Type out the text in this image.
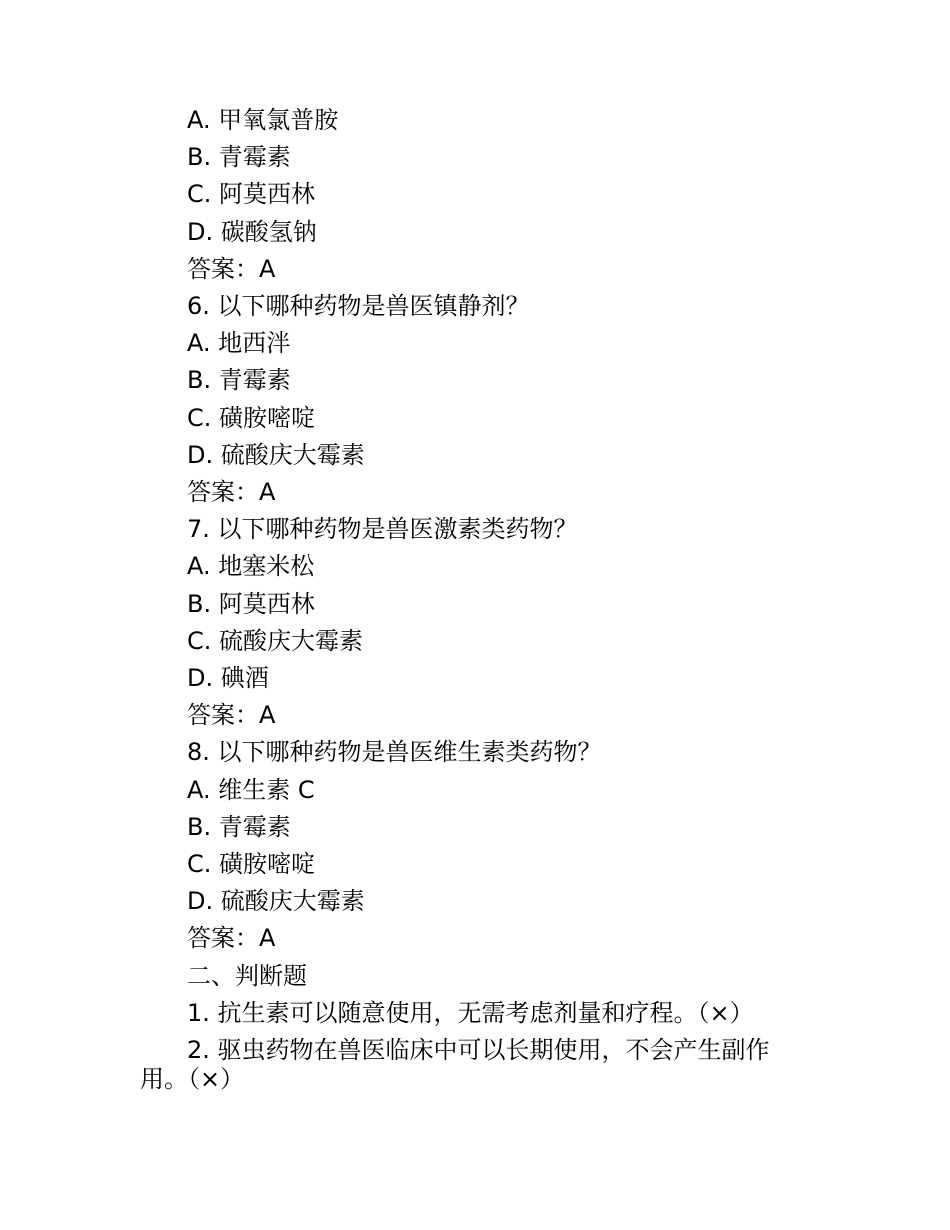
A. 甲氧氯普胺
B. 青霉素
C. 阿莫西林
D. 碳酸氢钠
答案：A
6. 以下哪种药物是兽医镇静剂？
A. 地西泮
B. 青霉素
C. 磺胺嘧啶
D. 硫酸庆大霉素
答案：A
7. 以下哪种药物是兽医激素类药物？
A. 地塞米松
B. 阿莫西林
C. 硫酸庆大霉素
D. 碘酒
答案：A
8. 以下哪种药物是兽医维生素类药物？
A. 维生素 C
B. 青霉素
C. 磺胺嘧啶
D. 硫酸庆大霉素
答案：A
二、判断题
1. 抗生素可以随意使用，无需考虑剂量和疗程。（×）
2. 驱虫药物在兽医临床中可以长期使用，不会产生副作用。（×）
